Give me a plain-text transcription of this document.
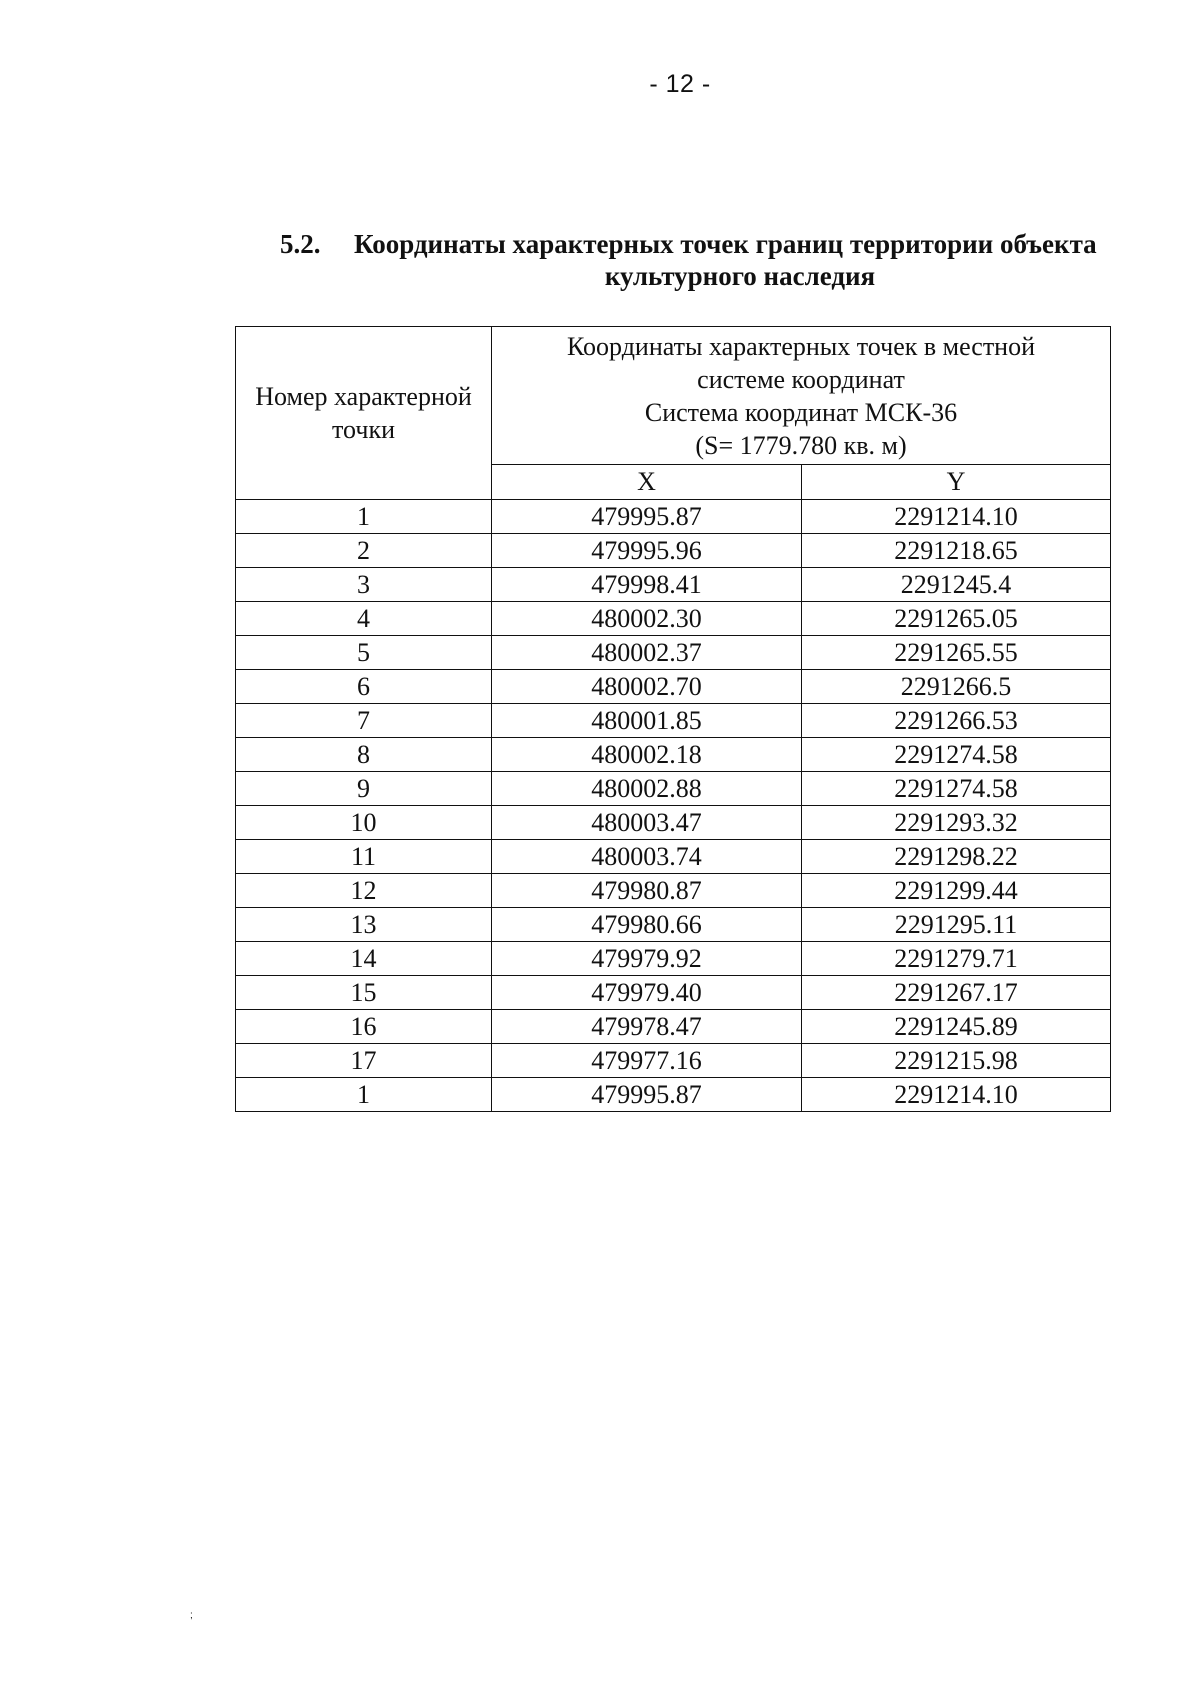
- 12 -
5.2. Координаты характерных точек границ территории объекта
культурного наследия
Номер характерной точки	Координаты характерных точек в местной
системе координат
Система координат МСК-36
(S= 1779.780 кв. м)	

	X	Y
1	479995.87	2291214.10
2	479995.96	2291218.65
3	479998.41	2291245.4
4	480002.30	2291265.05
5	480002.37	2291265.55
6	480002.70	2291266.5
7	480001.85	2291266.53
8	480002.18	2291274.58
9	480002.88	2291274.58
10	480003.47	2291293.32
11	480003.74	2291298.22
12	479980.87	2291299.44
13	479980.66	2291295.11
14	479979.92	2291279.71
15	479979.40	2291267.17
16	479978.47	2291245.89
17	479977.16	2291215.98
1	479995.87	2291214.10
;
